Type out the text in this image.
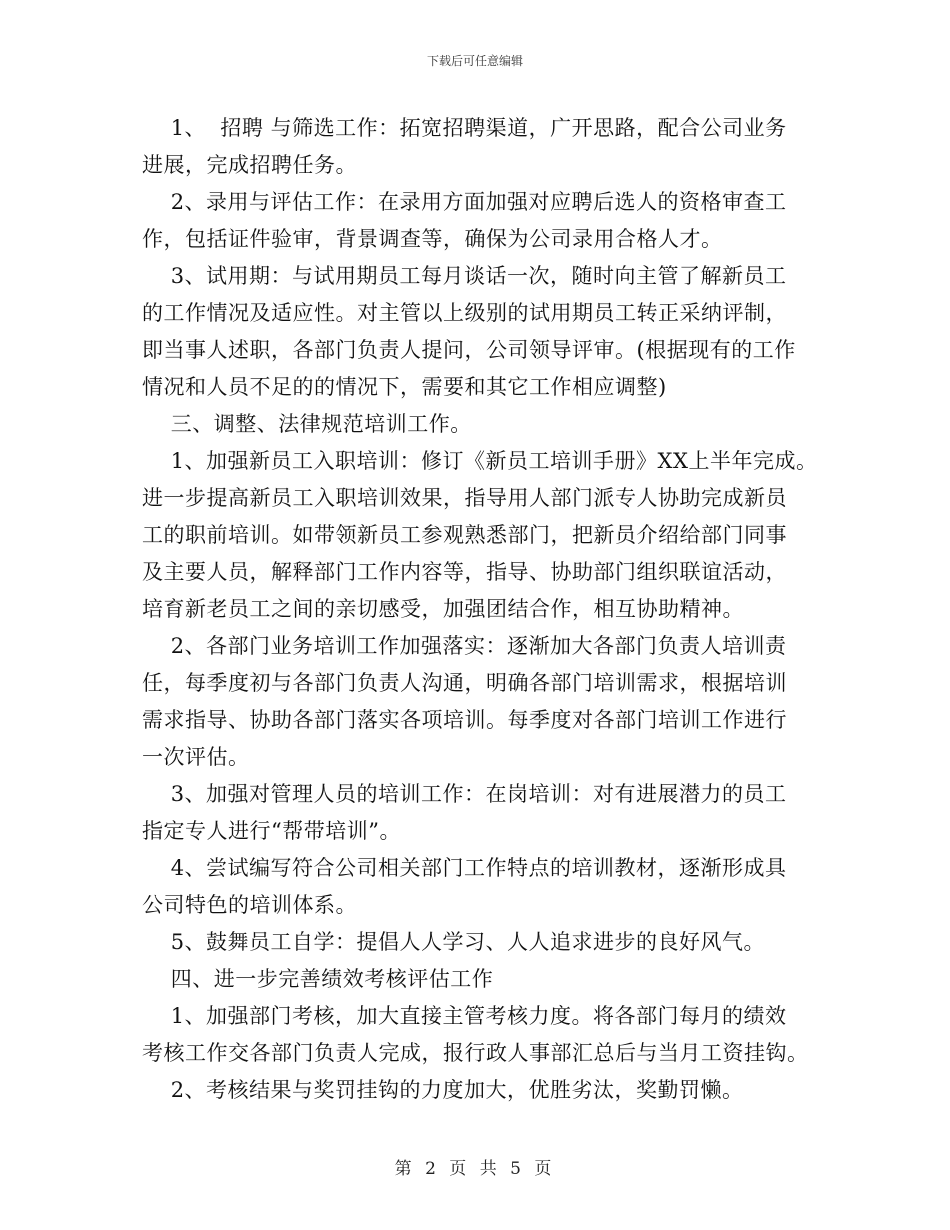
下载后可任意编辑
1、  招聘 与筛选工作：拓宽招聘渠道，广开思路，配合公司业务
进展，完成招聘任务。
2、录用与评估工作：在录用方面加强对应聘后选人的资格审查工
作，包括证件验审，背景调查等，确保为公司录用合格人才。
3、试用期：与试用期员工每月谈话一次，随时向主管了解新员工
的工作情况及适应性。对主管以上级别的试用期员工转正采纳评制，
即当事人述职，各部门负责人提问，公司领导评审。(根据现有的工作
情况和人员不足的的情况下，需要和其它工作相应调整)
三、调整、法律规范培训工作。
1、加强新员工入职培训：修订《新员工培训手册》XX上半年完成。
进一步提高新员工入职培训效果，指导用人部门派专人协助完成新员
工的职前培训。如带领新员工参观熟悉部门，把新员介绍给部门同事
及主要人员，解释部门工作内容等，指导、协助部门组织联谊活动，
培育新老员工之间的亲切感受，加强团结合作，相互协助精神。
2、各部门业务培训工作加强落实：逐渐加大各部门负责人培训责
任，每季度初与各部门负责人沟通，明确各部门培训需求，根据培训
需求指导、协助各部门落实各项培训。每季度对各部门培训工作进行
一次评估。
3、加强对管理人员的培训工作：在岗培训：对有进展潜力的员工
指定专人进行“帮带培训”。
4、尝试编写符合公司相关部门工作特点的培训教材，逐渐形成具
公司特色的培训体系。
5、鼓舞员工自学：提倡人人学习、人人追求进步的良好风气。
四、进一步完善绩效考核评估工作
1、加强部门考核，加大直接主管考核力度。将各部门每月的绩效
考核工作交各部门负责人完成，报行政人事部汇总后与当月工资挂钩。
2、考核结果与奖罚挂钩的力度加大，优胜劣汰，奖勤罚懒。
第 2 页 共 5 页
